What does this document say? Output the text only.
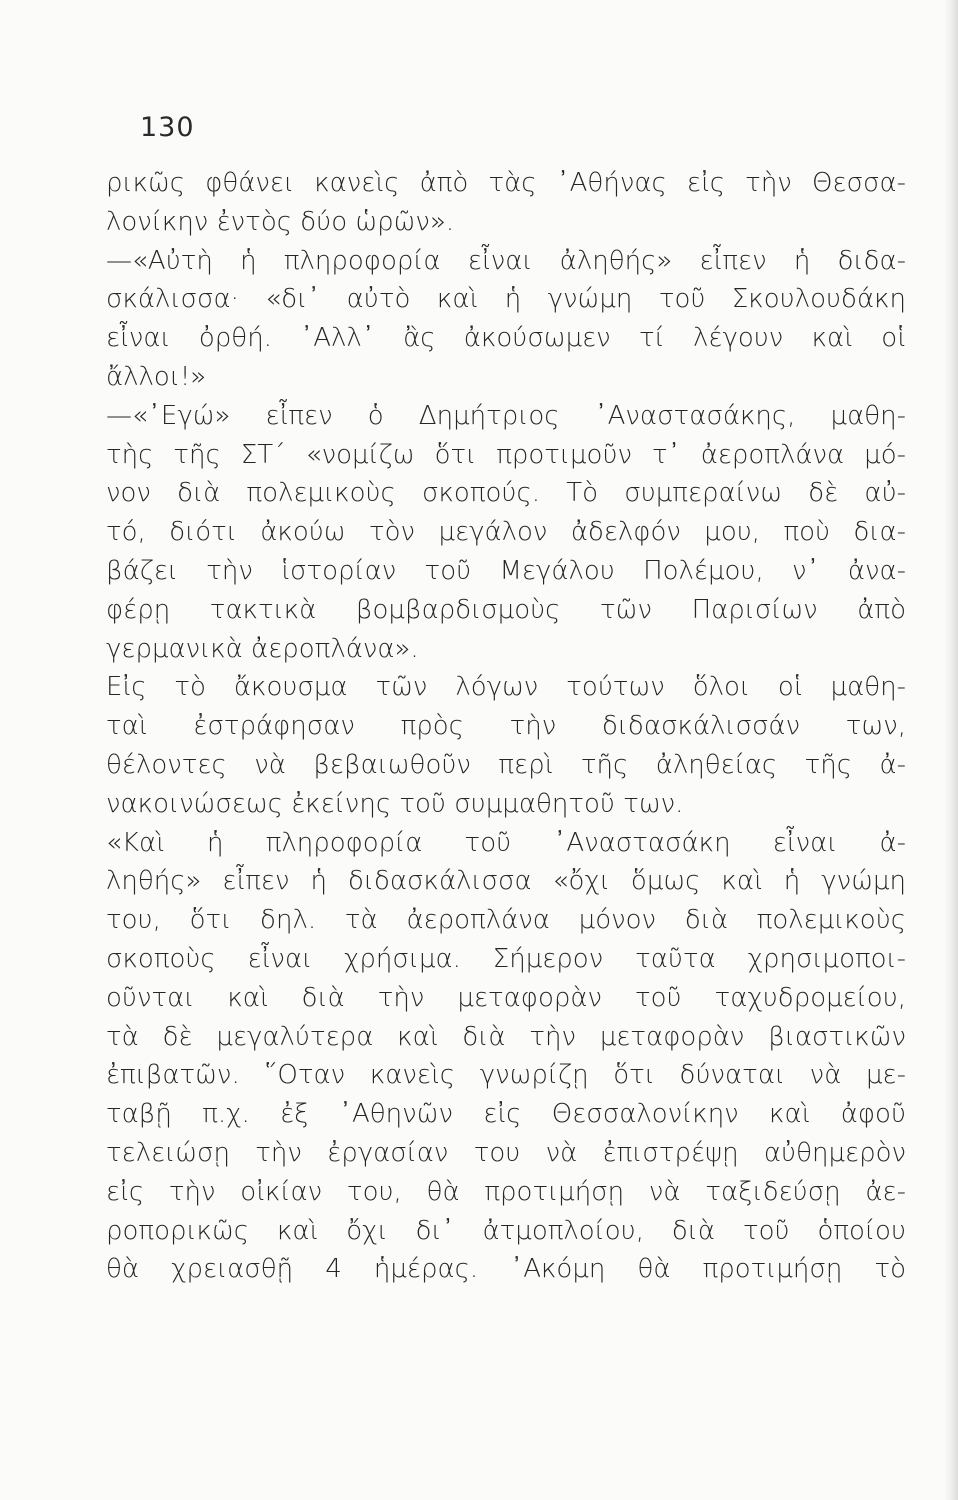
130
ρικῶς φθάνει κανεὶς ἀπὸ τὰς ᾿Αθήνας εἰς τὴν Θεσσα-
λονίκην ἐντὸς δύο ὡρῶν».
—«Αὐτὴ ἡ πληροφορία εἶναι ἀληθής» εἶπεν ἡ διδα-
σκάλισσα· «δι᾿ αὐτὸ καὶ ἡ γνώμη τοῦ Σκουλουδάκη
εἶναι ὀρθή. ᾿Αλλ᾿ ἂς ἀκούσωμεν τί λέγουν καὶ οἱ
ἄλλοι!»
—«᾿Εγώ» εἶπεν ὁ Δημήτριος ᾿Αναστασάκης, μαθη-
τὴς τῆς ΣΤ΄ «νομίζω ὅτι προτιμοῦν τ᾿ ἀεροπλάνα μό-
νον διὰ πολεμικοὺς σκοπούς. Τὸ συμπεραίνω δὲ αὐ-
τό, διότι ἀκούω τὸν μεγάλον ἀδελφόν μου, ποὺ δια-
βάζει τὴν ἱστορίαν τοῦ Μεγάλου Πολέμου, ν᾿ ἀνα-
φέρῃ τακτικὰ βομβαρδισμοὺς τῶν Παρισίων ἀπὸ
γερμανικὰ ἀεροπλάνα».
Εἰς τὸ ἄκουσμα τῶν λόγων τούτων ὅλοι οἱ μαθη-
ταὶ ἐστράφησαν πρὸς τὴν διδασκάλισσάν των,
θέλοντες νὰ βεβαιωθοῦν περὶ τῆς ἀληθείας τῆς ἀ-
νακοινώσεως ἐκείνης τοῦ συμμαθητοῦ των.
«Καὶ ἡ πληροφορία τοῦ ᾿Αναστασάκη εἶναι ἀ-
ληθής» εἶπεν ἡ διδασκάλισσα «ὄχι ὅμως καὶ ἡ γνώμη
του, ὅτι δηλ. τὰ ἀεροπλάνα μόνον διὰ πολεμικοὺς
σκοποὺς εἶναι χρήσιμα. Σήμερον ταῦτα χρησιμοποι-
οῦνται καὶ διὰ τὴν μεταφορὰν τοῦ ταχυδρομείου,
τὰ δὲ μεγαλύτερα καὶ διὰ τὴν μεταφορὰν βιαστικῶν
ἐπιβατῶν. ῞Οταν κανεὶς γνωρίζῃ ὅτι δύναται νὰ με-
ταβῇ π.χ. ἐξ ᾿Αθηνῶν εἰς Θεσσαλονίκην καὶ ἀφοῦ
τελειώσῃ τὴν ἐργασίαν του νὰ ἐπιστρέψῃ αὐθημερὸν
εἰς τὴν οἰκίαν του, θὰ προτιμήσῃ νὰ ταξιδεύσῃ ἀε-
ροπορικῶς καὶ ὄχι δι᾿ ἀτμοπλοίου, διὰ τοῦ ὁποίου
θὰ χρειασθῇ 4 ἡμέρας. ᾿Ακόμη θὰ προτιμήσῃ τὸ
